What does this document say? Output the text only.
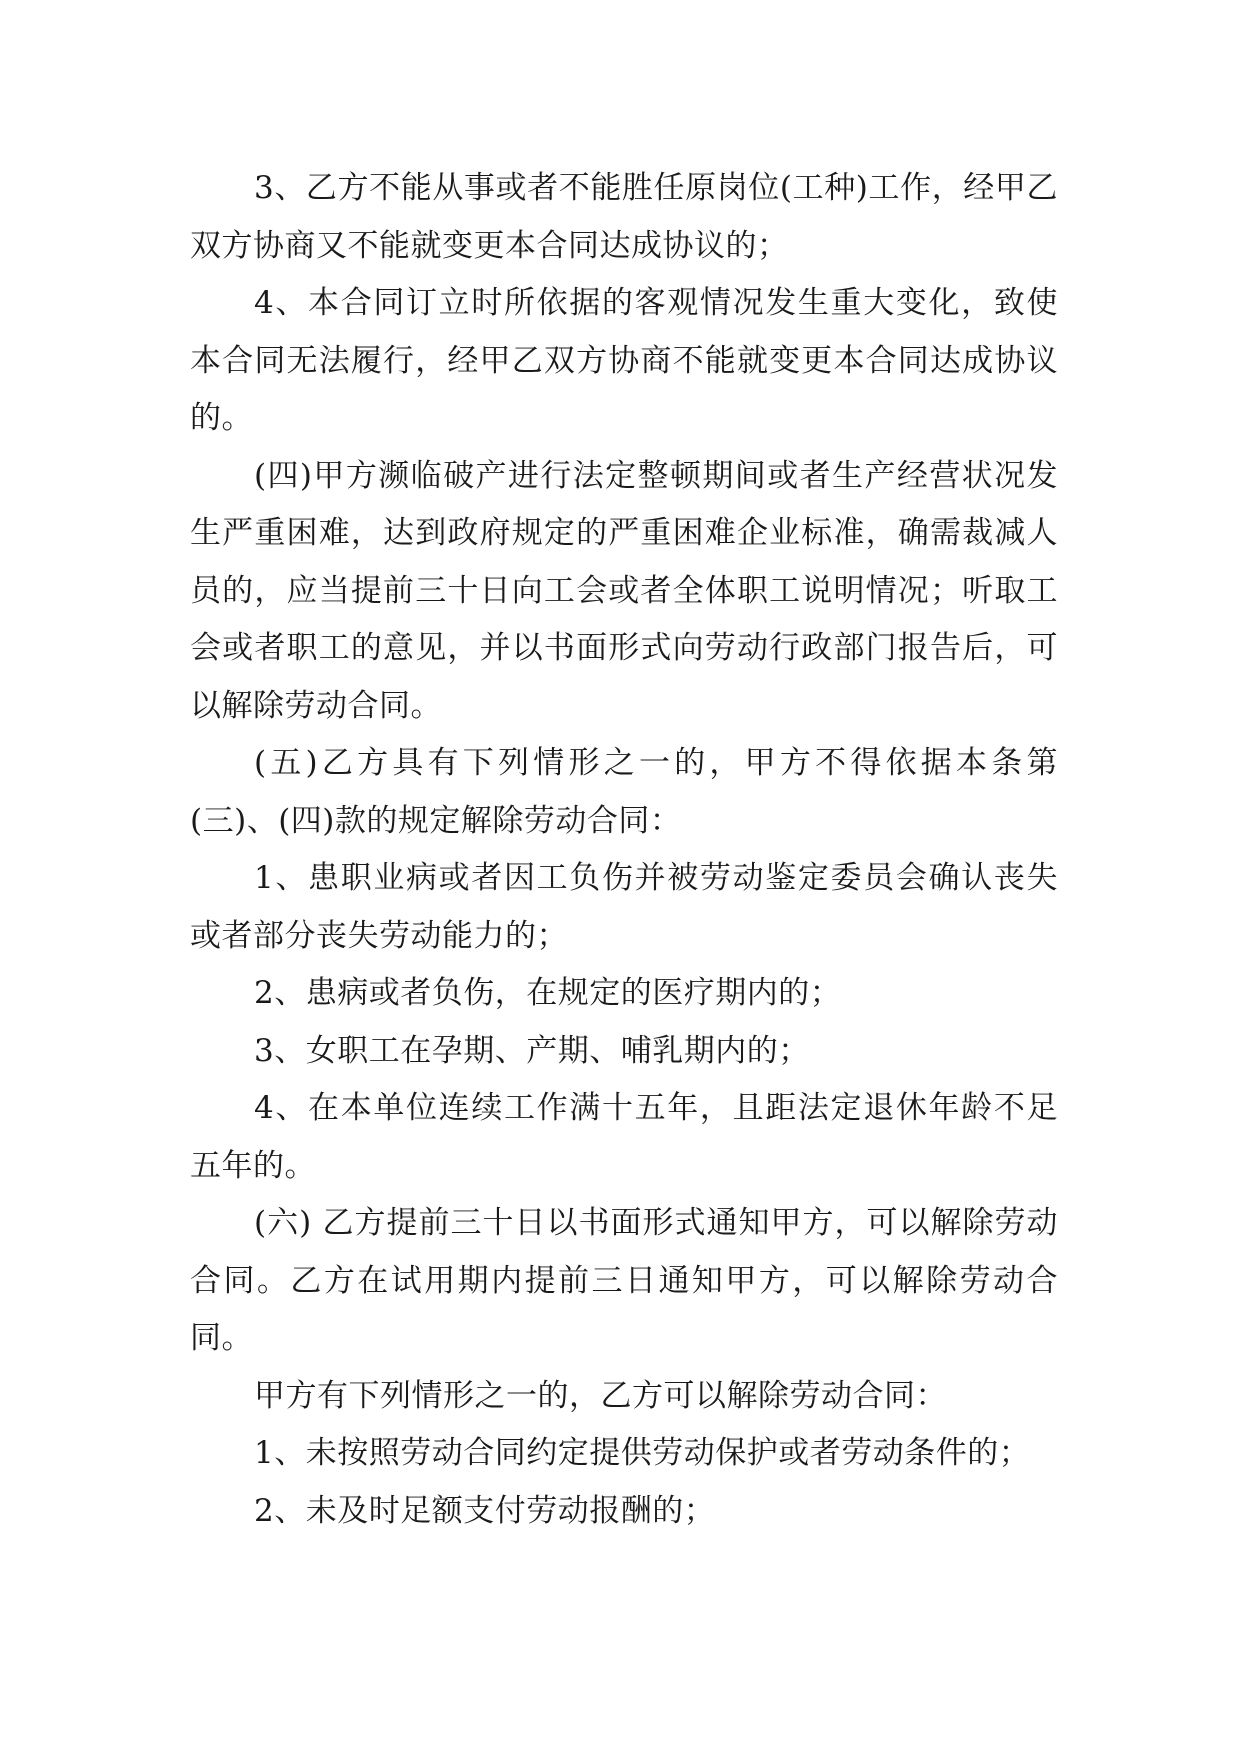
3、乙方不能从事或者不能胜任原岗位(工种)工作，经甲乙双方协商又不能就变更本合同达成协议的；

4、本合同订立时所依据的客观情况发生重大变化，致使本合同无法履行，经甲乙双方协商不能就变更本合同达成协议的。

(四)甲方濒临破产进行法定整顿期间或者生产经营状况发生严重困难，达到政府规定的严重困难企业标准，确需裁减人员的，应当提前三十日向工会或者全体职工说明情况；听取工会或者职工的意见，并以书面形式向劳动行政部门报告后，可以解除劳动合同。

(五)乙方具有下列情形之一的，甲方不得依据本条第(三)、(四)款的规定解除劳动合同：

1、患职业病或者因工负伤并被劳动鉴定委员会确认丧失或者部分丧失劳动能力的；

2、患病或者负伤，在规定的医疗期内的；

3、女职工在孕期、产期、哺乳期内的；

4、在本单位连续工作满十五年，且距法定退休年龄不足五年的。

(六) 乙方提前三十日以书面形式通知甲方，可以解除劳动合同。乙方在试用期内提前三日通知甲方，可以解除劳动合同。

甲方有下列情形之一的，乙方可以解除劳动合同：

1、未按照劳动合同约定提供劳动保护或者劳动条件的；

2、未及时足额支付劳动报酬的；
